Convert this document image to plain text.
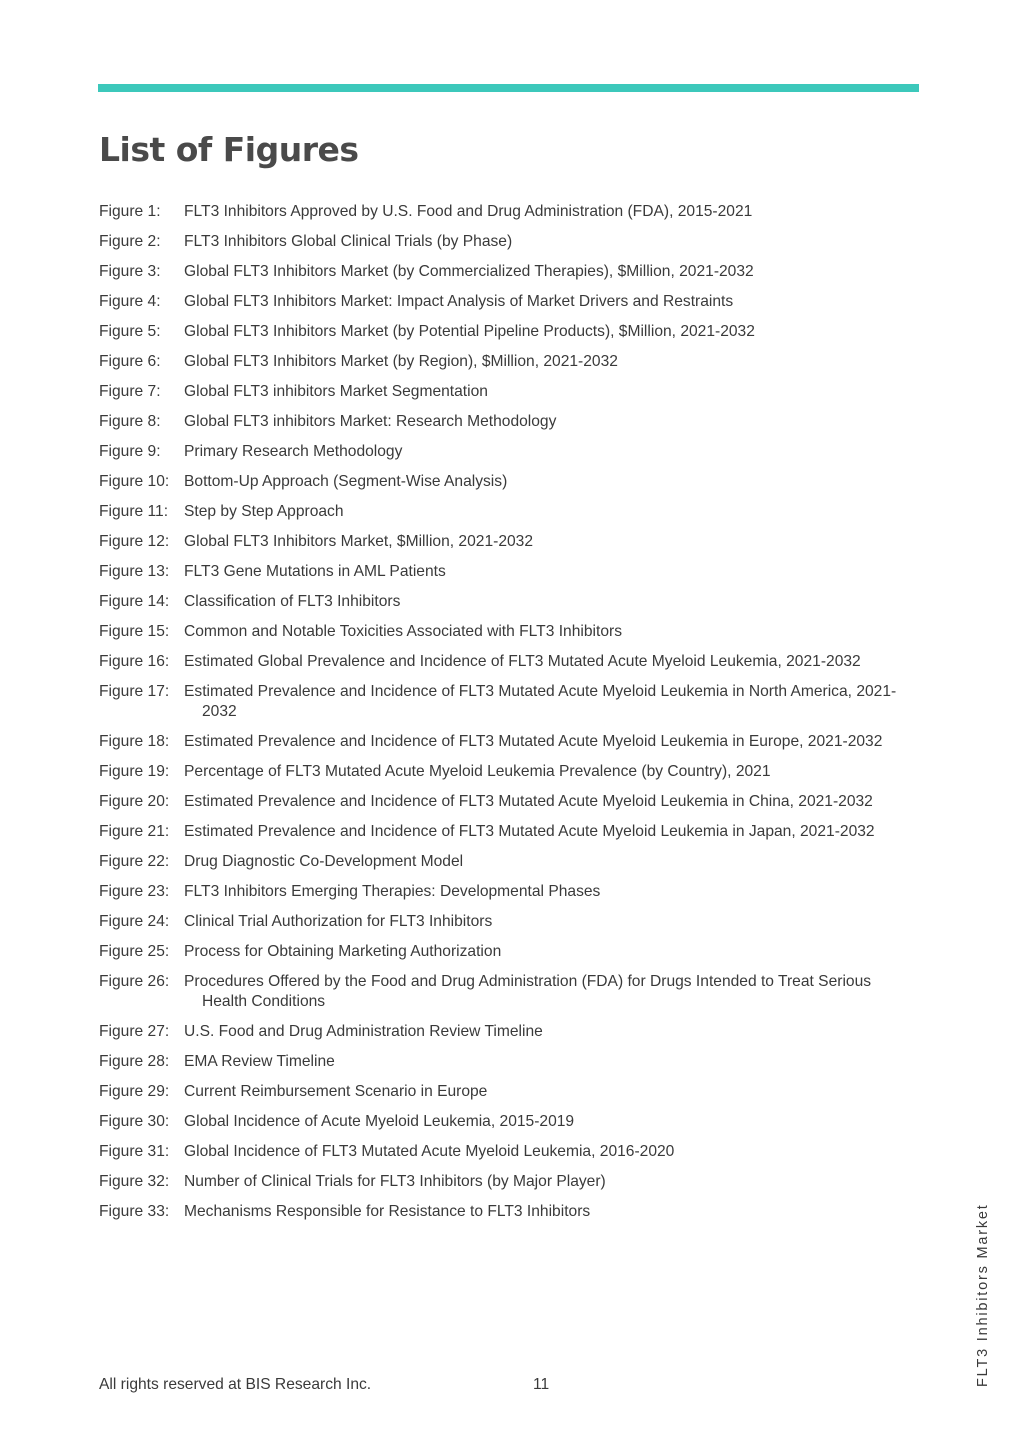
List of Figures
Figure 1:	FLT3 Inhibitors Approved by U.S. Food and Drug Administration (FDA), 2015-2021
Figure 2:	FLT3 Inhibitors Global Clinical Trials (by Phase)
Figure 3:	Global FLT3 Inhibitors Market (by Commercialized Therapies), $Million, 2021-2032
Figure 4:	Global FLT3 Inhibitors Market: Impact Analysis of Market Drivers and Restraints
Figure 5:	Global FLT3 Inhibitors Market (by Potential Pipeline Products), $Million, 2021-2032
Figure 6:	Global FLT3 Inhibitors Market (by Region), $Million, 2021-2032
Figure 7:	Global FLT3 inhibitors Market Segmentation
Figure 8:	Global FLT3 inhibitors Market: Research Methodology
Figure 9:	Primary Research Methodology
Figure 10: Bottom-Up Approach (Segment-Wise Analysis)
Figure 11:	Step by Step Approach
Figure 12: Global FLT3 Inhibitors Market, $Million, 2021-2032
Figure 13: FLT3 Gene Mutations in AML Patients
Figure 14: Classification of FLT3 Inhibitors
Figure 15: Common and Notable Toxicities Associated with FLT3 Inhibitors
Figure 16: Estimated Global Prevalence and Incidence of FLT3 Mutated Acute Myeloid Leukemia, 2021-2032
Figure 17: Estimated Prevalence and Incidence of FLT3 Mutated Acute Myeloid Leukemia in North America, 2021-2032
Figure 18: Estimated Prevalence and Incidence of FLT3 Mutated Acute Myeloid Leukemia in Europe, 2021-2032
Figure 19: Percentage of FLT3 Mutated Acute Myeloid Leukemia Prevalence (by Country), 2021
Figure 20: Estimated Prevalence and Incidence of FLT3 Mutated Acute Myeloid Leukemia in China, 2021-2032
Figure 21: Estimated Prevalence and Incidence of FLT3 Mutated Acute Myeloid Leukemia in Japan, 2021-2032
Figure 22: Drug Diagnostic Co-Development Model
Figure 23: FLT3 Inhibitors Emerging Therapies: Developmental Phases
Figure 24: Clinical Trial Authorization for FLT3 Inhibitors
Figure 25: Process for Obtaining Marketing Authorization
Figure 26: Procedures Offered by the Food and Drug Administration (FDA) for Drugs Intended to Treat Serious Health Conditions
Figure 27: U.S. Food and Drug Administration Review Timeline
Figure 28: EMA Review Timeline
Figure 29: Current Reimbursement Scenario in Europe
Figure 30: Global Incidence of Acute Myeloid Leukemia, 2015-2019
Figure 31: Global Incidence of FLT3 Mutated Acute Myeloid Leukemia, 2016-2020
Figure 32: Number of Clinical Trials for FLT3 Inhibitors (by Major Player)
Figure 33: Mechanisms Responsible for Resistance to FLT3 Inhibitors	FLT3 Inhibitors Market
All rights reserved at BIS Research Inc.	11
